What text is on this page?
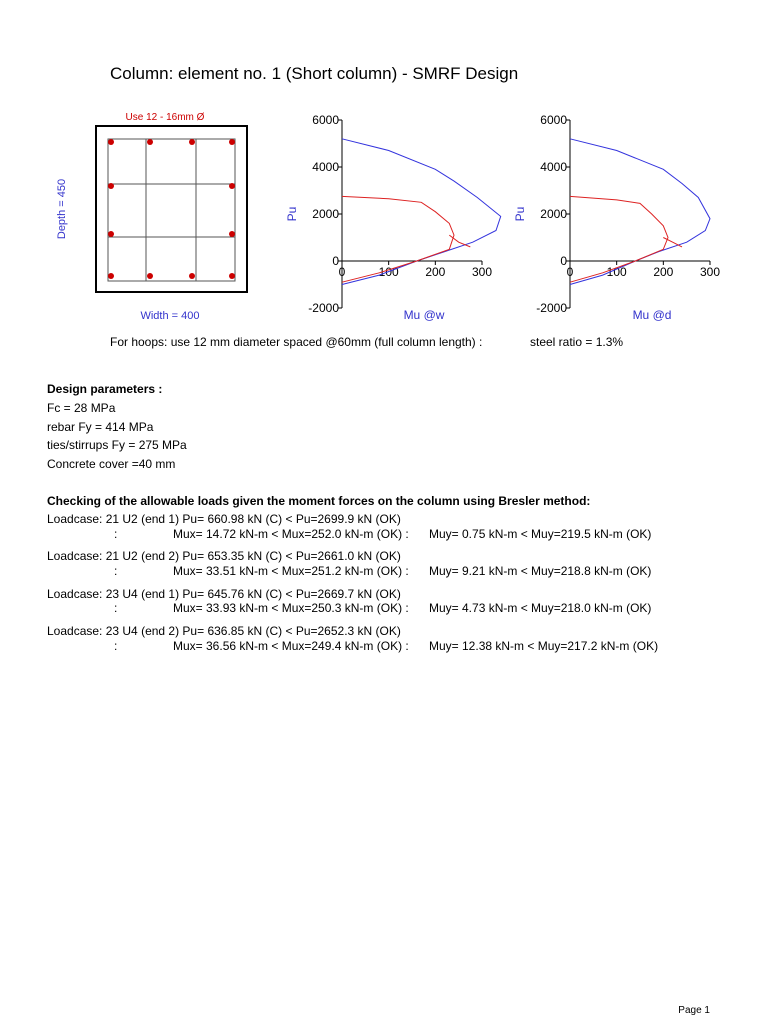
Column: element no. 1 (Short column) - SMRF Design
Use 12 - 16mm Ø
Depth = 450
Width = 400
-2000
0
2000
4000
6000
0	100 200 300
Pu
Mu @w	-2000
0
2000
4000
6000
0	100 200 300
Pu
Mu @d
For hoops: use 12 mm diameter spaced @60mm (full column length) :	steel ratio = 1.3%
Design parameters :
Fc = 28 MPa
rebar Fy = 414 MPa
ties/stirrups Fy = 275 MPa
Concrete cover =40 mm
Checking of the allowable loads given the moment forces on the column using Bresler method:
Loadcase: 21 U2 (end 1) Pu= 660.98 kN (C) < Pu=2699.9 kN (OK)
:	Mux= 14.72 kN-m < Mux=252.0 kN-m (OK) : Muy= 0.75 kN-m < Muy=219.5 kN-m (OK)
Loadcase: 21 U2 (end 2) Pu= 653.35 kN (C) < Pu=2661.0 kN (OK)
:	Mux= 33.51 kN-m < Mux=251.2 kN-m (OK) : Muy= 9.21 kN-m < Muy=218.8 kN-m (OK)
Loadcase: 23 U4 (end 1) Pu= 645.76 kN (C) < Pu=2669.7 kN (OK)
:	Mux= 33.93 kN-m < Mux=250.3 kN-m (OK) : Muy= 4.73 kN-m < Muy=218.0 kN-m (OK)
Loadcase: 23 U4 (end 2) Pu= 636.85 kN (C) < Pu=2652.3 kN (OK)
:	Mux= 36.56 kN-m < Mux=249.4 kN-m (OK) : Muy= 12.38 kN-m < Muy=217.2 kN-m (OK)
Page 1
